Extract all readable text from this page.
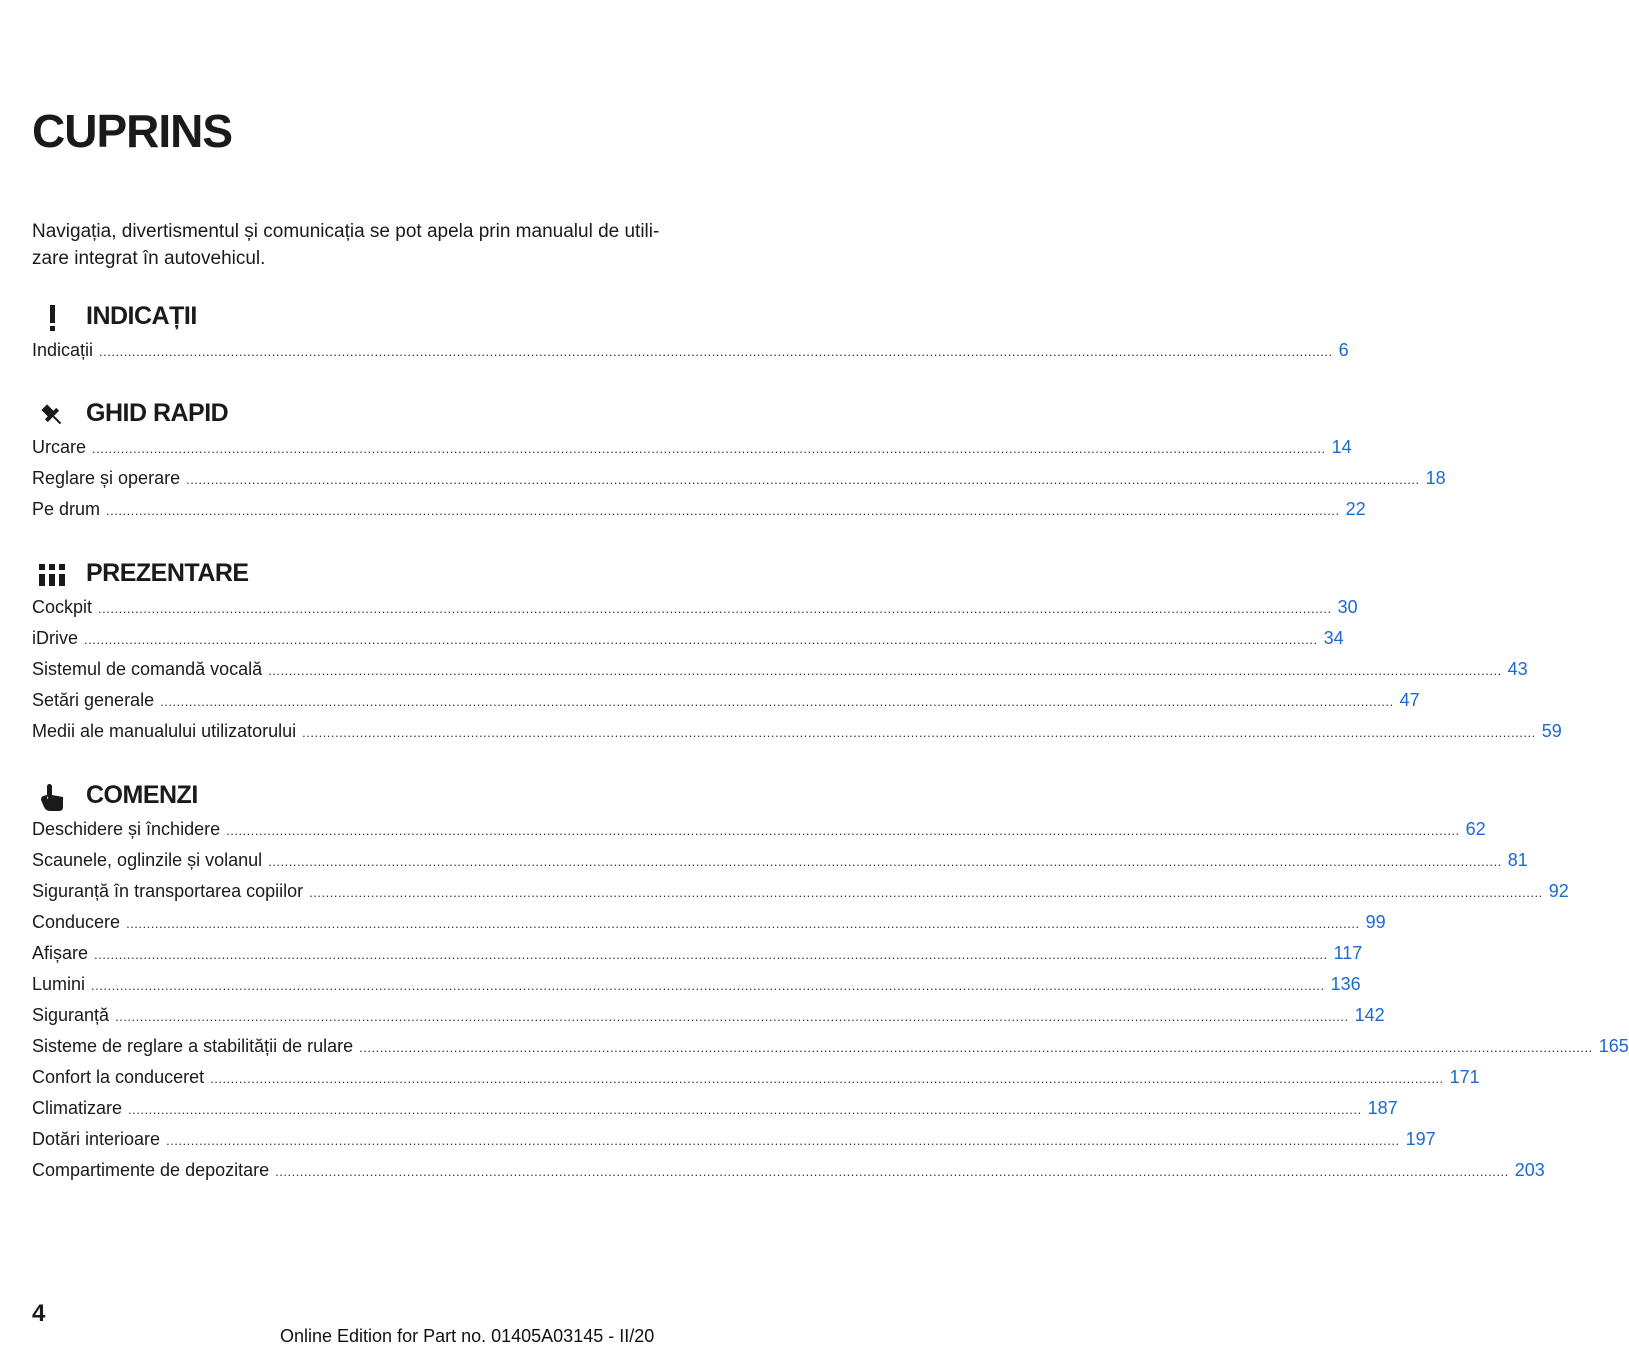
CUPRINS

Navigația, divertismentul și comunicația se pot apela prin manualul de utili- zare integrat în autovehicul.

INDICAȚII
Indicații ............................................................................................................................................................................................................................................................................................................ 6
GHID RAPID
Urcare ............................................................................................................................................................................................................................................................................................................ 14
Reglare și operare ............................................................................................................................................................................................................................................................................................................ 18
Pe drum ............................................................................................................................................................................................................................................................................................................ 22
PREZENTARE
Cockpit ............................................................................................................................................................................................................................................................................................................ 30
iDrive ............................................................................................................................................................................................................................................................................................................ 34
Sistemul de comandă vocală ............................................................................................................................................................................................................................................................................................................ 43
Setări generale ............................................................................................................................................................................................................................................................................................................ 47
Medii ale manualului utilizatorului ............................................................................................................................................................................................................................................................................................................ 59
COMENZI
Deschidere și închidere ............................................................................................................................................................................................................................................................................................................ 62
Scaunele, oglinzile și volanul ............................................................................................................................................................................................................................................................................................................ 81
Siguranță în transportarea copiilor ............................................................................................................................................................................................................................................................................................................ 92
Conducere ............................................................................................................................................................................................................................................................................................................ 99
Afișare ............................................................................................................................................................................................................................................................................................................ 117
Lumini ............................................................................................................................................................................................................................................................................................................ 136
Siguranță ............................................................................................................................................................................................................................................................................................................ 142
Sisteme de reglare a stabilității de rulare ............................................................................................................................................................................................................................................................................................................ 165
Confort la conduceret ............................................................................................................................................................................................................................................................................................................ 171
Climatizare ............................................................................................................................................................................................................................................................................................................ 187
Dotări interioare ............................................................................................................................................................................................................................................................................................................ 197
Compartimente de depozitare ............................................................................................................................................................................................................................................................................................................ 203
4
Online Edition for Part no. 01405A03145 - II/20
